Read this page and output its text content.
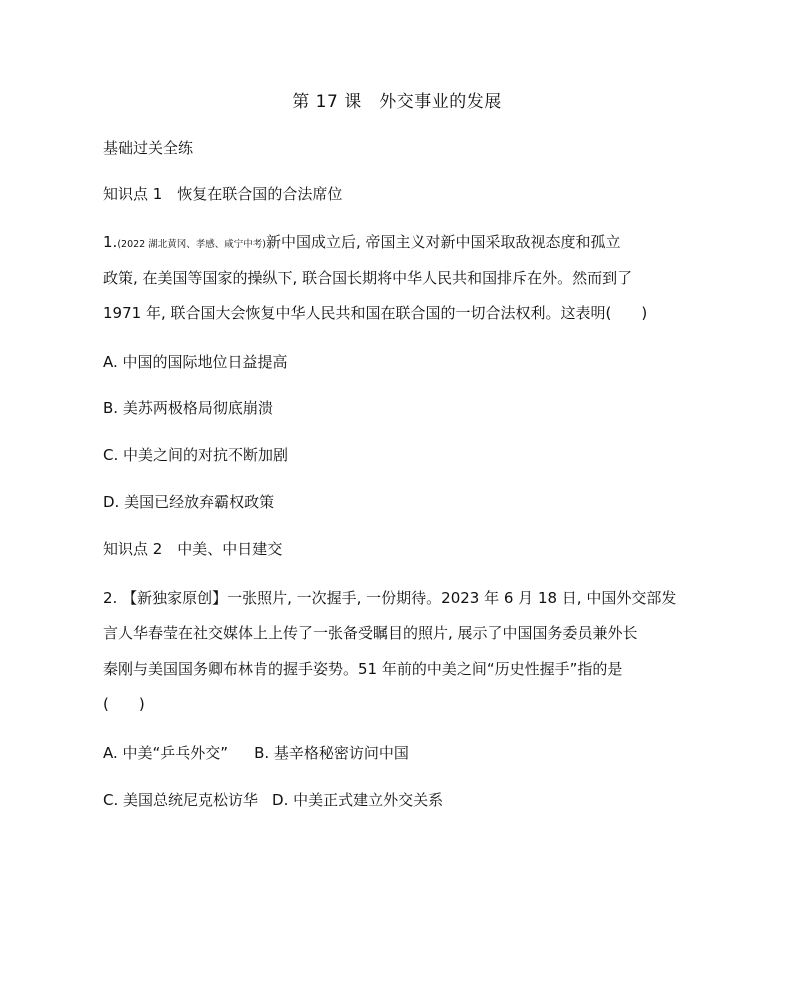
第 17 课　外交事业的发展
基础过关全练
知识点 1　恢复在联合国的合法席位
1.(2022 湖北黄冈、孝感、咸宁中考)新中国成立后, 帝国主义对新中国采取敌视态度和孤立
政策, 在美国等国家的操纵下, 联合国长期将中华人民共和国排斥在外。然而到了
1971 年, 联合国大会恢复中华人民共和国在联合国的一切合法权利。这表明(　　)
A. 中国的国际地位日益提高
B. 美苏两极格局彻底崩溃
C. 中美之间的对抗不断加剧
D. 美国已经放弃霸权政策
知识点 2　中美、中日建交
2. 【新独家原创】一张照片, 一次握手, 一份期待。2023 年 6 月 18 日, 中国外交部发
言人华春莹在社交媒体上上传了一张备受瞩目的照片, 展示了中国国务委员兼外长
秦刚与美国国务卿布林肯的握手姿势。51 年前的中美之间“历史性握手”指的是
(　　)
A. 中美“乒乓外交” B. 基辛格秘密访问中国
C. 美国总统尼克松访华 D. 中美正式建立外交关系
